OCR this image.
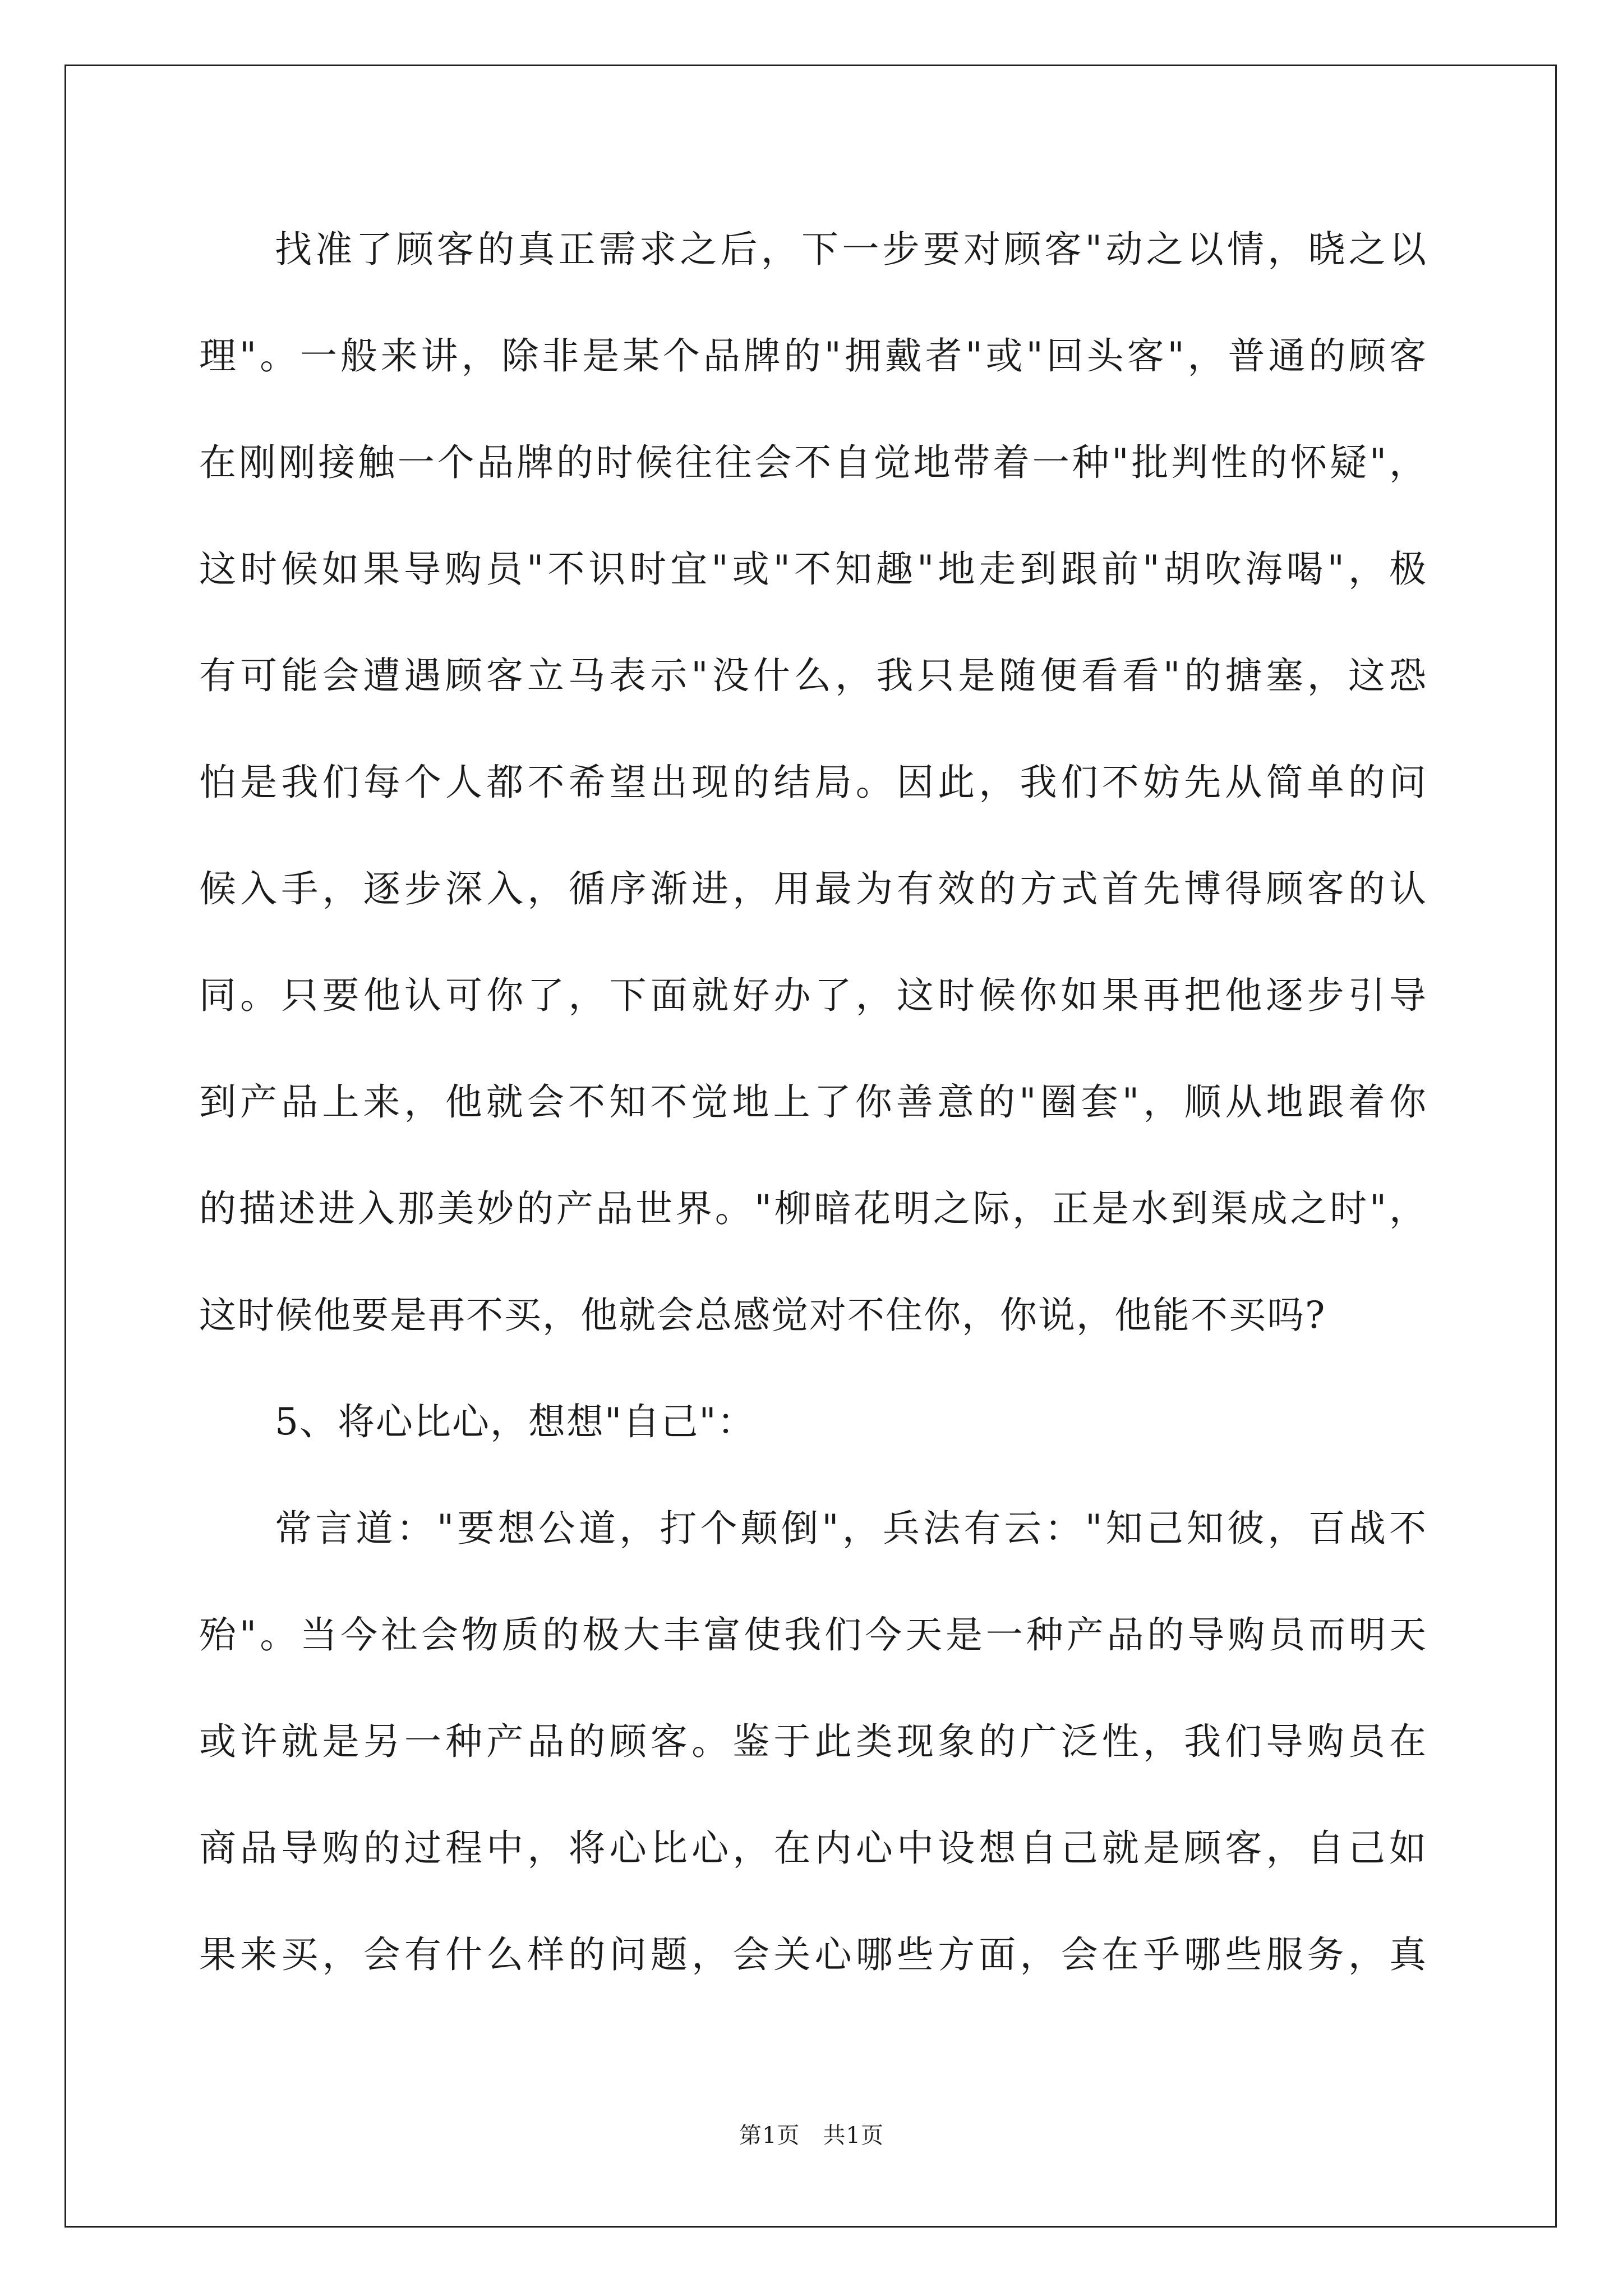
找准了顾客的真正需求之后，下一步要对顾客"动之以情，晓之以
理"。一般来讲，除非是某个品牌的"拥戴者"或"回头客"，普通的顾客
在刚刚接触一个品牌的时候往往会不自觉地带着一种"批判性的怀疑"，
这时候如果导购员"不识时宜"或"不知趣"地走到跟前"胡吹海喝"，极
有可能会遭遇顾客立马表示"没什么，我只是随便看看"的搪塞，这恐
怕是我们每个人都不希望出现的结局。因此，我们不妨先从简单的问
候入手，逐步深入，循序渐进，用最为有效的方式首先博得顾客的认
同。只要他认可你了，下面就好办了，这时候你如果再把他逐步引导
到产品上来，他就会不知不觉地上了你善意的"圈套"，顺从地跟着你
的描述进入那美妙的产品世界。"柳暗花明之际，正是水到渠成之时"，
这时候他要是再不买，他就会总感觉对不住你，你说，他能不买吗?
5、将心比心，想想"自己"：
常言道："要想公道，打个颠倒"，兵法有云："知己知彼，百战不
殆"。当今社会物质的极大丰富使我们今天是一种产品的导购员而明天
或许就是另一种产品的顾客。鉴于此类现象的广泛性，我们导购员在
商品导购的过程中，将心比心，在内心中设想自己就是顾客，自己如
果来买，会有什么样的问题，会关心哪些方面，会在乎哪些服务，真
第1页   共1页
